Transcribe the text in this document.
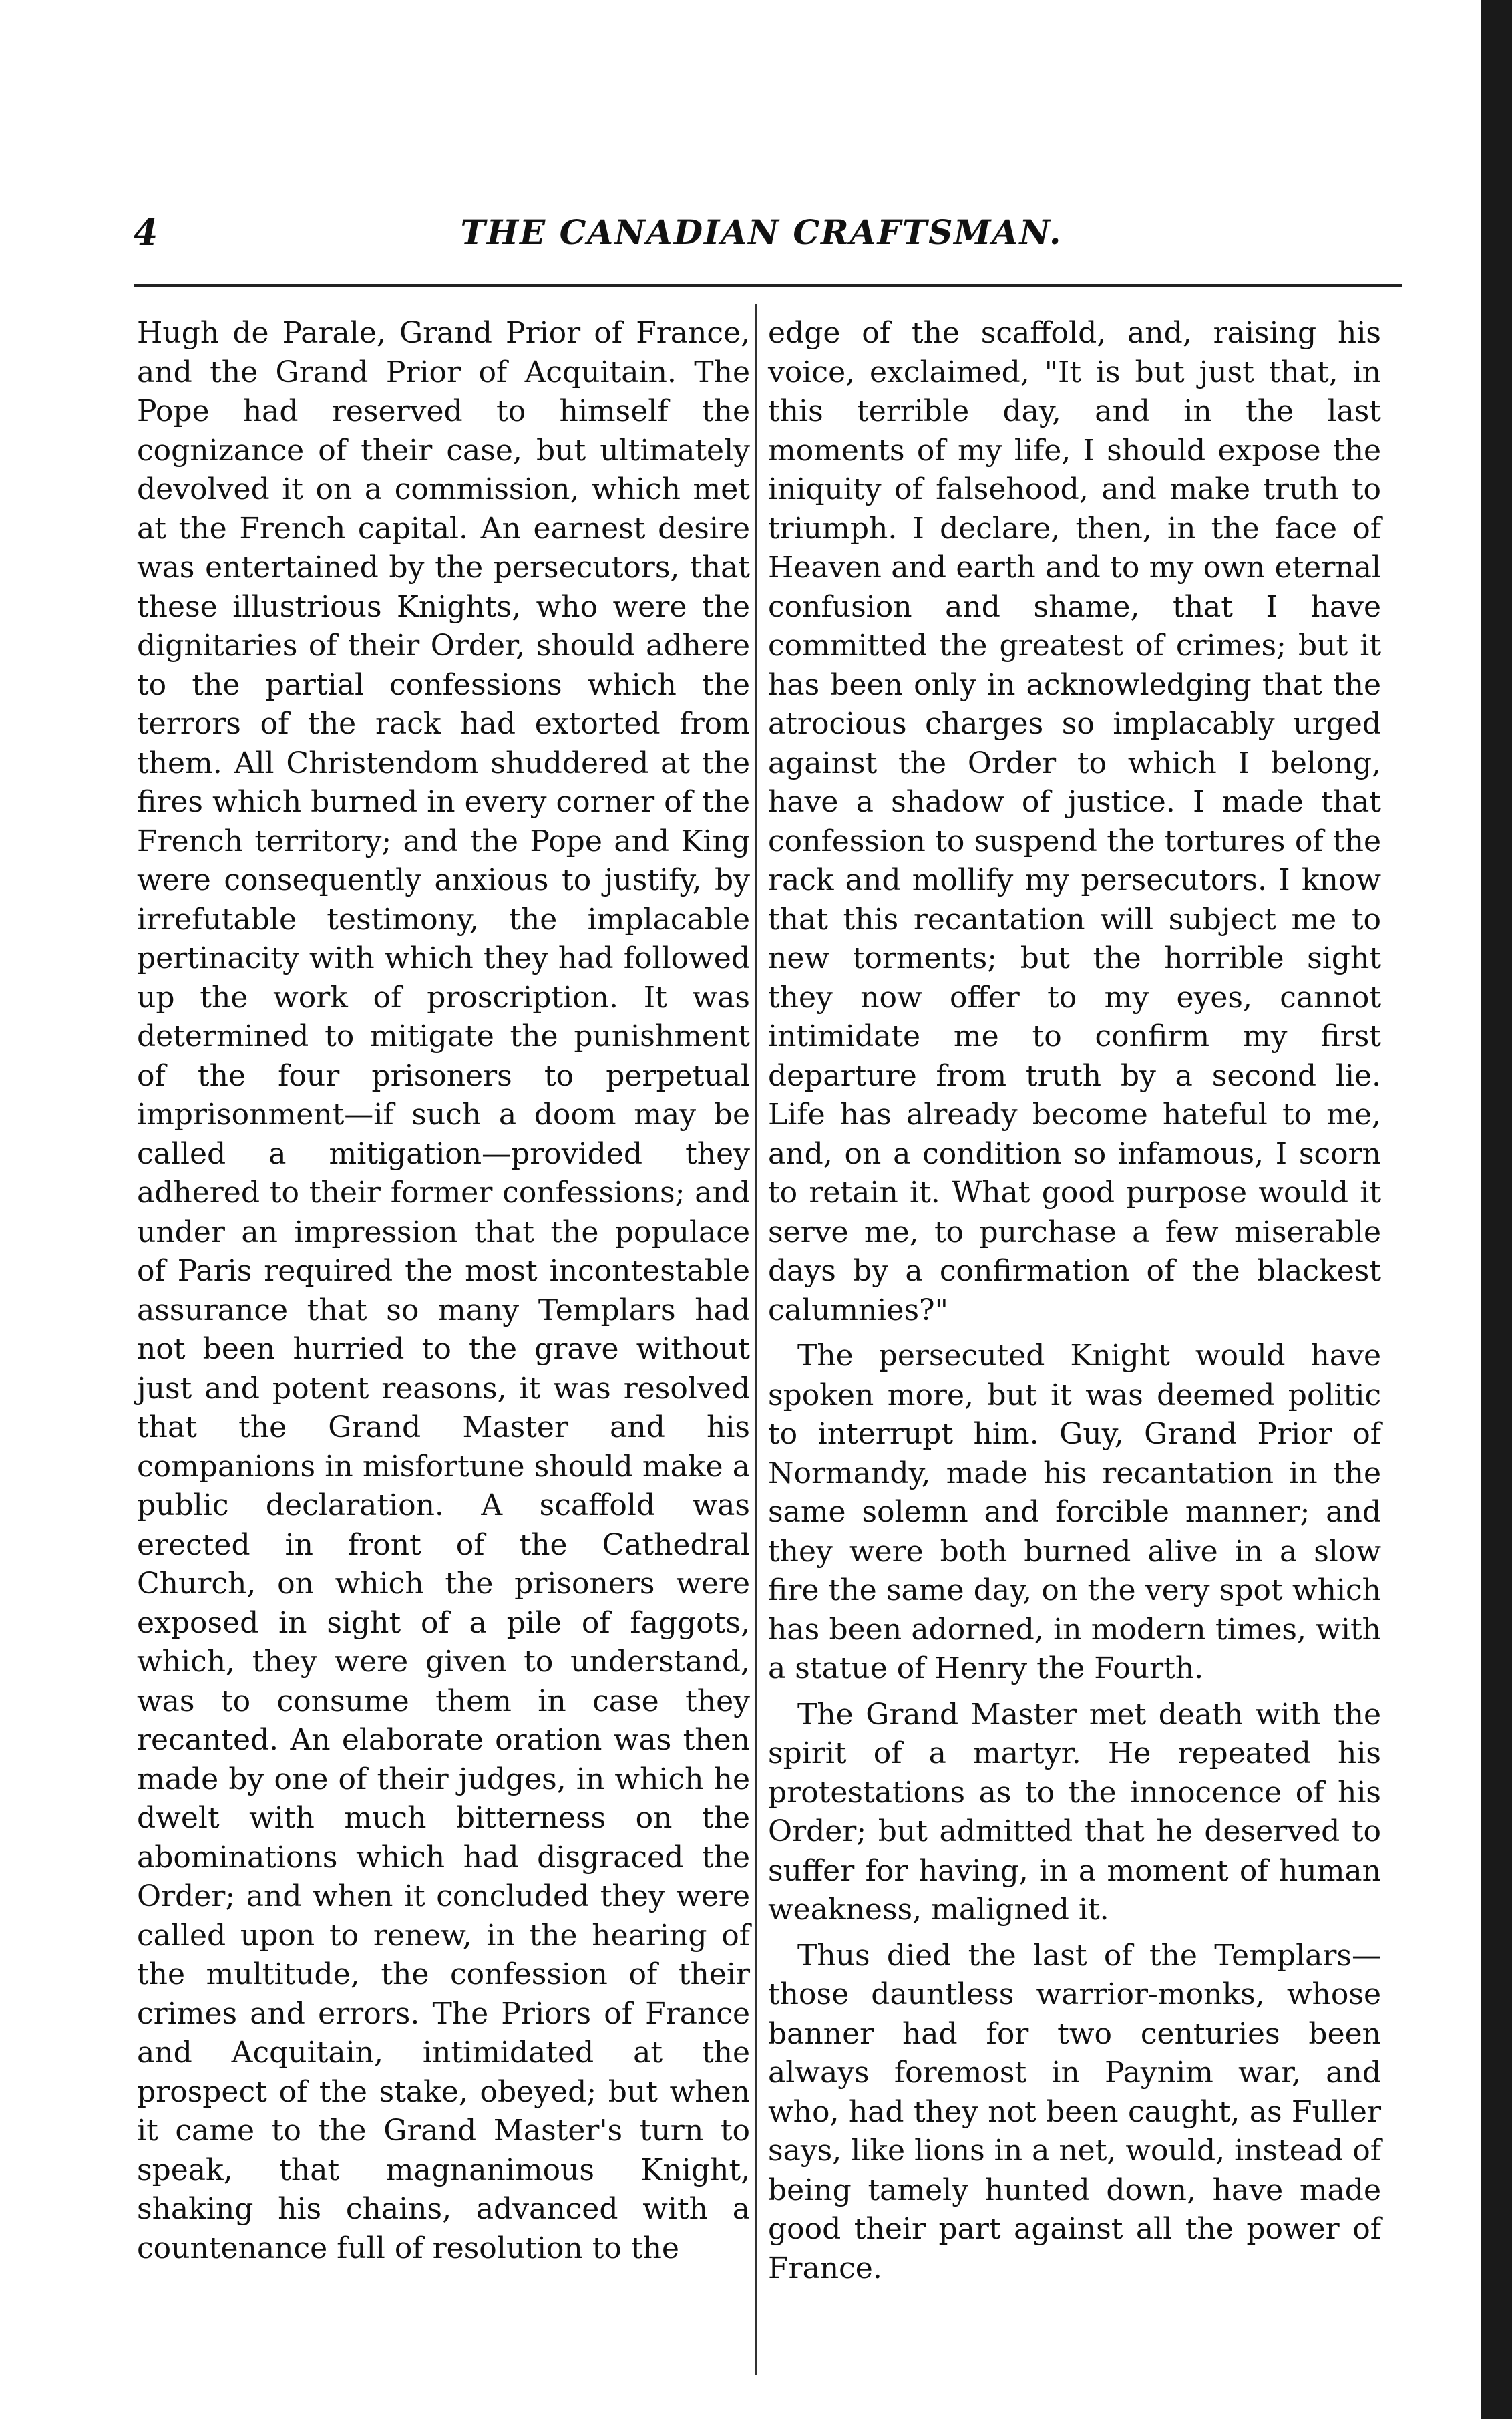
4	THE CANADIAN CRAFTSMAN.

Hugh de Parale, Grand Prior of France, and the Grand Prior of Acquitain. The Pope had reserved to himself the cognizance of their case, but ultimately devolved it on a commission, which met at the French capital. An earnest desire was entertained by the persecutors, that these illustrious Knights, who were the dignitaries of their Order, should adhere to the partial confessions which the terrors of the rack had extorted from them. All Christendom shuddered at the fires which burned in every corner of the French territory; and the Pope and King were consequently anxious to justify, by irrefutable testimony, the implacable pertinacity with which they had followed up the work of proscription. It was determined to mitigate the punishment of the four prisoners to perpetual imprisonment—if such a doom may be called a mitigation—provided they adhered to their former confessions; and under an impression that the populace of Paris required the most incontestable assurance that so many Templars had not been hurried to the grave without just and potent reasons, it was resolved that the Grand Master and his companions in misfortune should make a public declaration. A scaffold was erected in front of the Cathedral Church, on which the prisoners were exposed in sight of a pile of faggots, which, they were given to understand, was to consume them in case they recanted. An elaborate oration was then made by one of their judges, in which he dwelt with much bitterness on the abominations which had disgraced the Order; and when it concluded they were called upon to renew, in the hearing of the multitude, the confession of their crimes and errors. The Priors of France and Acquitain, intimidated at the prospect of the stake, obeyed; but when it came to the Grand Master's turn to speak, that magnanimous Knight, shaking his chains, advanced with a countenance full of resolution to the

edge of the scaffold, and, raising his voice, exclaimed, "It is but just that, in this terrible day, and in the last moments of my life, I should expose the iniquity of falsehood, and make truth to triumph. I declare, then, in the face of Heaven and earth and to my own eternal confusion and shame, that I have committed the greatest of crimes; but it has been only in acknowledging that the atrocious charges so implacably urged against the Order to which I belong, have a shadow of justice. I made that confession to suspend the tortures of the rack and mollify my persecutors. I know that this recantation will subject me to new torments; but the horrible sight they now offer to my eyes, cannot intimidate me to confirm my first departure from truth by a second lie. Life has already become hateful to me, and, on a condition so infamous, I scorn to retain it. What good purpose would it serve me, to purchase a few miserable days by a confirmation of the blackest calumnies?"

The persecuted Knight would have spoken more, but it was deemed politic to interrupt him. Guy, Grand Prior of Normandy, made his recantation in the same solemn and forcible manner; and they were both burned alive in a slow fire the same day, on the very spot which has been adorned, in modern times, with a statue of Henry the Fourth.

The Grand Master met death with the spirit of a martyr. He repeated his protestations as to the innocence of his Order; but admitted that he deserved to suffer for having, in a moment of human weakness, maligned it.

Thus died the last of the Templars—those dauntless warrior-monks, whose banner had for two centuries been always foremost in Paynim war, and who, had they not been caught, as Fuller says, like lions in a net, would, instead of being tamely hunted down, have made good their part against all the power of France.
